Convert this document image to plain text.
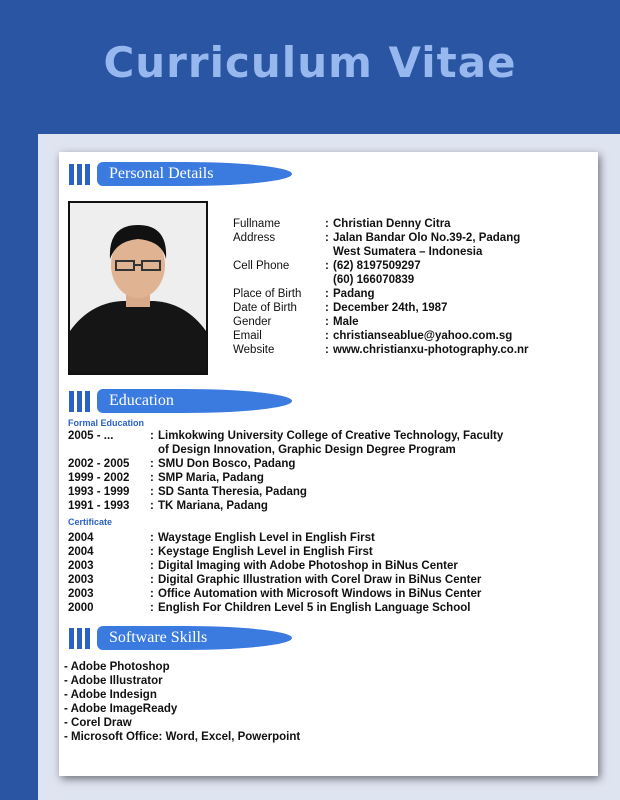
Curriculum Vitae
Personal Details
Fullname	: Christian Denny Citra
Address	: Jalan Bandar Olo No.39-2, Padang
West Sumatera – Indonesia
Cell Phone	: (62) 8197509297
(60) 166070839
Place of Birth	: Padang
Date of Birth	: December 24th, 1987
Gender	: Male
Email	: christianseablue@yahoo.com.sg
Website	: www.christianxu-photography.co.nr
Education
Formal Education
2005 - ...	: Limkokwing University College of Creative Technology, Faculty
of Design Innovation, Graphic Design Degree Program
2002 - 2005	: SMU Don Bosco, Padang
1999 - 2002	: SMP Maria, Padang
1993 - 1999	: SD Santa Theresia, Padang
1991 - 1993	: TK Mariana, Padang
Certificate
2004	: Waystage English Level in English First
2004	: Keystage English Level in English First
2003	: Digital Imaging with Adobe Photoshop in BiNus Center
2003	: Digital Graphic Illustration with Corel Draw in BiNus Center
2003	: Office Automation with Microsoft Windows in BiNus Center
2000	: English For Children Level 5 in English Language School
Software Skills
- Adobe Photoshop
- Adobe Illustrator
- Adobe Indesign
- Adobe ImageReady
- Corel Draw
- Microsoft Office: Word, Excel, Powerpoint
